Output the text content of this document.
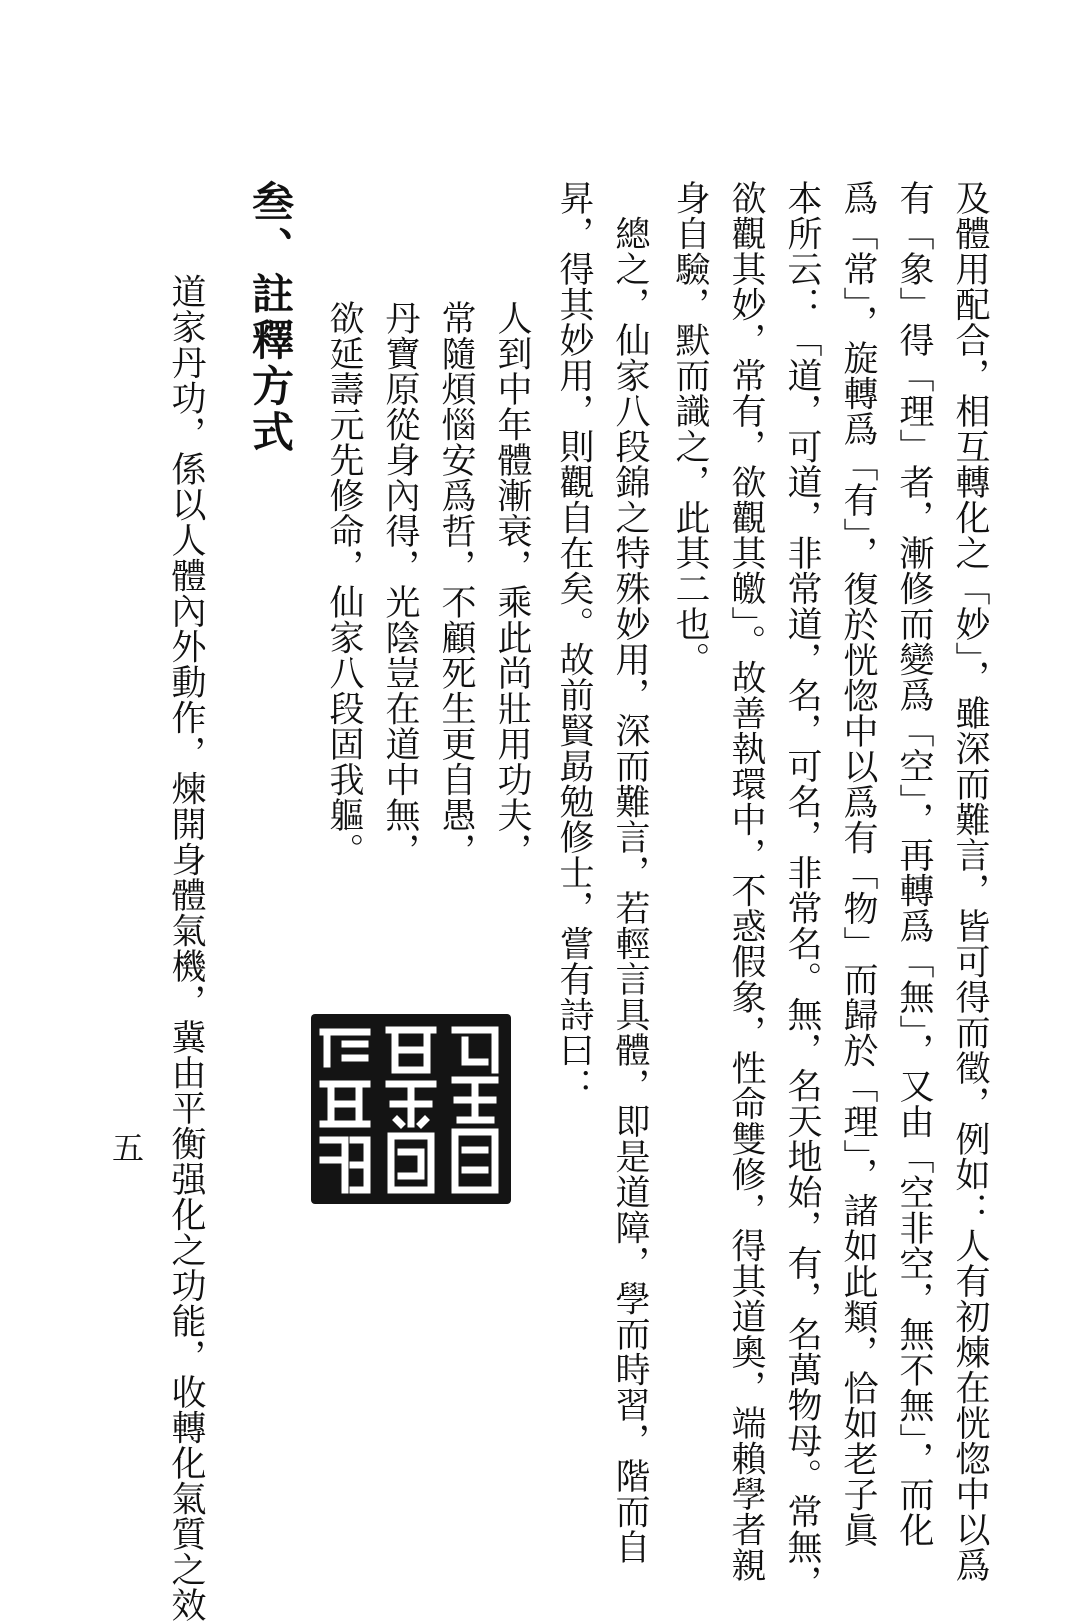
及體用配合，相互轉化之「妙」，雖深而難言，皆可得而徵，例如：人有初煉在恍惚中以爲
有「象」得「理」者，漸修而變爲「空」，再轉爲「無」，又由「空非空，無不無」，而化
爲「常」，旋轉爲「有」，復於恍惚中以爲有「物」而歸於「理」，諸如此類，恰如老子眞
本所云：「道，可道，非常道，名，可名，非常名。無，名天地始，有，名萬物母。常無，
欲觀其妙，常有，欲觀其皦」。故善執環中，不惑假象，性命雙修，得其道奧，端賴學者親
身自驗，默而識之，此其二也。
　總之，仙家八段錦之特殊妙用，深而難言，若輕言具體，即是道障，學而時習，階而自
昇，得其妙用，則觀自在矣。故前賢勗勉修士，嘗有詩曰：
人到中年體漸衰，乘此尚壯用功夫，
常隨煩惱安爲哲，不顧死生更自愚，
丹寶原從身內得，光陰豈在道中無，
欲延壽元先修命，仙家八段固我軀。
叁、註釋方式
　道家丹功，係以人體內外動作，煉開身體氣機，冀由平衡强化之功能，收轉化氣質之效
五
